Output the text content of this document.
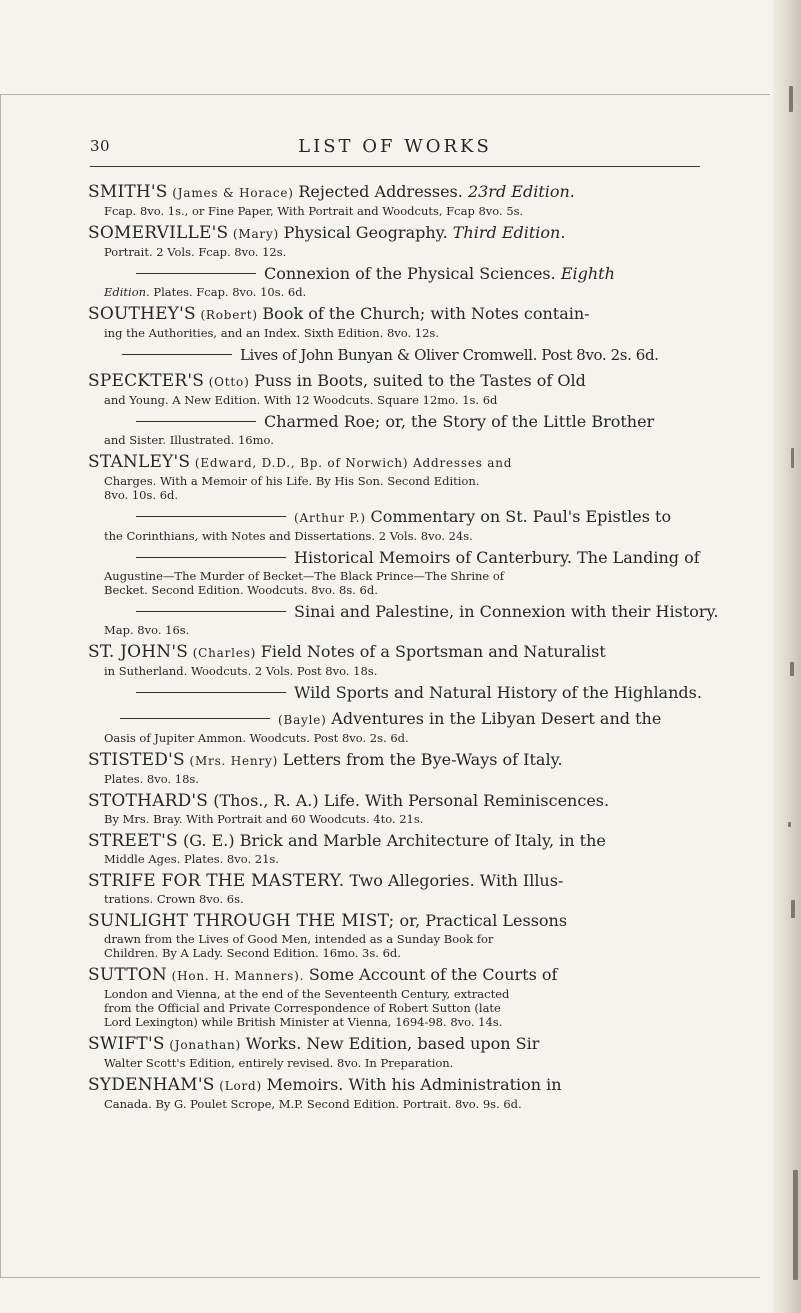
30	LIST OF WORKS
SMITH'S (James & Horace) Rejected Addresses. 23rd Edition.
Fcap. 8vo. 1s., or Fine Paper, With Portrait and Woodcuts, Fcap 8vo. 5s.
SOMERVILLE'S (Mary) Physical Geography. Third Edition.
Portrait. 2 Vols. Fcap. 8vo. 12s.
Connexion of the Physical Sciences. Eighth
Edition. Plates. Fcap. 8vo. 10s. 6d.
SOUTHEY'S (Robert) Book of the Church; with Notes contain-
ing the Authorities, and an Index. Sixth Edition. 8vo. 12s.
Lives of John Bunyan & Oliver Cromwell. Post 8vo. 2s. 6d.
SPECKTER'S (Otto) Puss in Boots, suited to the Tastes of Old
and Young. A New Edition. With 12 Woodcuts. Square 12mo. 1s. 6d
Charmed Roe; or, the Story of the Little Brother
and Sister. Illustrated. 16mo.
STANLEY'S (Edward, D.D., Bp. of Norwich) Addresses and
Charges. With a Memoir of his Life. By His Son. Second Edition.
8vo. 10s. 6d.
(Arthur P.) Commentary on St. Paul's Epistles to
the Corinthians, with Notes and Dissertations. 2 Vols. 8vo. 24s.
Historical Memoirs of Canterbury. The Landing of
Augustine—The Murder of Becket—The Black Prince—The Shrine of
Becket. Second Edition. Woodcuts. 8vo. 8s. 6d.
Sinai and Palestine, in Connexion with their History.
Map. 8vo. 16s.
ST. JOHN'S (Charles) Field Notes of a Sportsman and Naturalist
in Sutherland. Woodcuts. 2 Vols. Post 8vo. 18s.
Wild Sports and Natural History of the Highlands.
(Bayle) Adventures in the Libyan Desert and the
Oasis of Jupiter Ammon. Woodcuts. Post 8vo. 2s. 6d.
STISTED'S (Mrs. Henry) Letters from the Bye-Ways of Italy.
Plates. 8vo. 18s.
STOTHARD'S (Thos., R. A.) Life. With Personal Reminiscences.
By Mrs. Bray. With Portrait and 60 Woodcuts. 4to. 21s.
STREET'S (G. E.) Brick and Marble Architecture of Italy, in the
Middle Ages. Plates. 8vo. 21s.
STRIFE FOR THE MASTERY. Two Allegories. With Illus-
trations. Crown 8vo. 6s.
SUNLIGHT THROUGH THE MIST; or, Practical Lessons
drawn from the Lives of Good Men, intended as a Sunday Book for
Children. By A Lady. Second Edition. 16mo. 3s. 6d.
SUTTON (Hon. H. Manners). Some Account of the Courts of
London and Vienna, at the end of the Seventeenth Century, extracted
from the Official and Private Correspondence of Robert Sutton (late
Lord Lexington) while British Minister at Vienna, 1694-98. 8vo. 14s.
SWIFT'S (Jonathan) Works. New Edition, based upon Sir
Walter Scott's Edition, entirely revised. 8vo. In Preparation.
SYDENHAM'S (Lord) Memoirs. With his Administration in
Canada. By G. Poulet Scrope, M.P. Second Edition. Portrait. 8vo. 9s. 6d.
